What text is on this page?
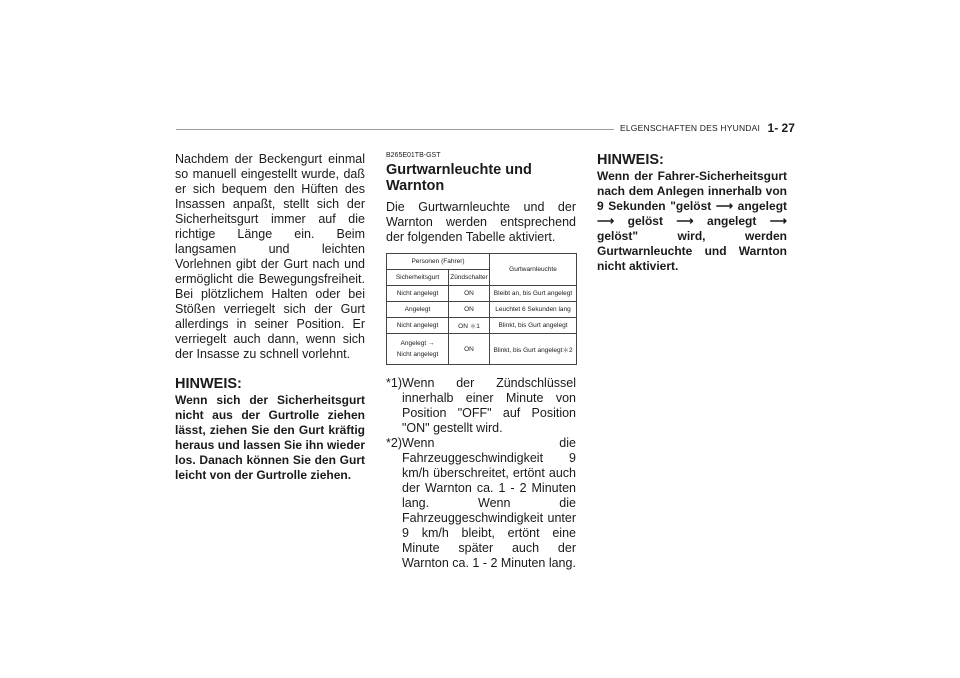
ELGENSCHAFTEN DES HYUNDAI 1- 27

Nachdem der Beckengurt einmal so manuell eingestellt wurde, daß er sich bequem den Hüften des Insassen anpaßt, stellt sich der Sicherheitsgurt immer auf die richtige Länge ein. Beim langsamen und leichten Vorlehnen gibt der Gurt nach und ermöglicht die Bewegungsfreiheit. Bei plötzlichem Halten oder bei Stößen verriegelt sich der Gurt allerdings in seiner Position. Er verriegelt auch dann, wenn sich der Insasse zu schnell vorlehnt.

HINWEIS:

Wenn sich der Sicherheitsgurt nicht aus der Gurtrolle ziehen lässt, ziehen Sie den Gurt kräftig heraus und lassen Sie ihn wieder los. Danach können Sie den Gurt leicht von der Gurtrolle ziehen.

B265E01TB-GST
Gurtwarnleuchte und Warnton

Die Gurtwarnleuchte und der Warnton werden entsprechend der folgenden Tabelle aktiviert.

Personen (Fahrer)		Gurtwarnleuchte
Sicherheitsgurt	Zündschalter	
Nicht angelegt	ON	Bleibt an, bis Gurt angelegt
Angelegt	ON	Leuchtet 6 Sekunden lang
Nicht angelegt	ON ＊1	Blinkt, bis Gurt angelegt

Angelegt →
Nicht angelegt	ON	Blinkt, bis Gurt angelegt＊2
*1) Wenn der Zündschlüssel innerhalb einer Minute von Position "OFF" auf Position "ON" gestellt wird.
*2) Wenn die Fahrzeuggeschwindigkeit 9 km/h überschreitet, ertönt auch der Warnton ca. 1 - 2 Minuten lang. Wenn die Fahrzeuggeschwindigkeit unter 9 km/h bleibt, ertönt eine Minute später auch der Warnton ca. 1 - 2 Minuten lang.
HINWEIS:

Wenn der Fahrer-Sicherheitsgurt nach dem Anlegen innerhalb von 9 Sekunden "gelöst ⟶ angelegt ⟶ gelöst ⟶ angelegt ⟶ gelöst" wird, werden Gurtwarnleuchte und Warnton nicht aktiviert.
